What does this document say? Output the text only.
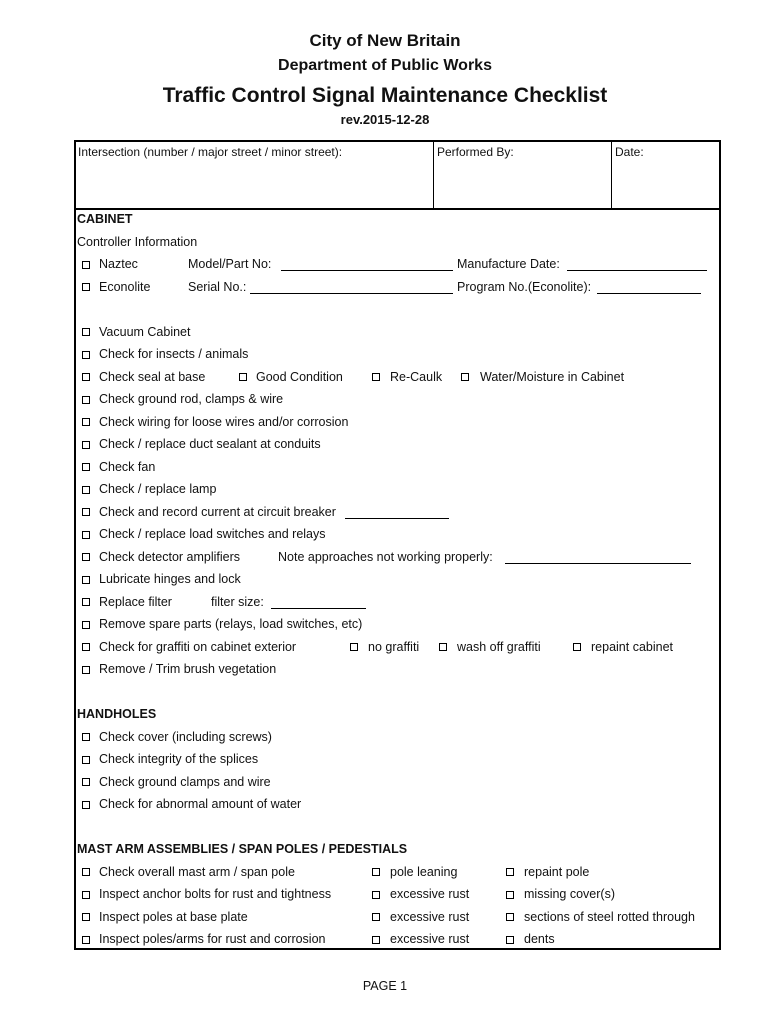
City of New Britain
Department of Public Works
Traffic Control Signal Maintenance Checklist
rev.2015-12-28
Intersection (number / major street / minor street):	Performed By:	Date:
CABINET
Controller Information
Naztec	Model/Part No:	Manufacture Date:
Econolite	Serial No.:	Program No.(Econolite):
Vacuum Cabinet
Check for insects / animals
Check seal at base	Good Condition	Re-Caulk	Water/Moisture in Cabinet
Check ground rod, clamps & wire
Check wiring for loose wires and/or corrosion
Check / replace duct sealant at conduits
Check fan
Check / replace lamp
Check and record current at circuit breaker
Check / replace load switches and relays
Check detector amplifiers	Note approaches not working properly:
Lubricate hinges and lock
Replace filter	filter size:
Remove spare parts (relays, load switches, etc)
Check for graffiti on cabinet exterior	no graffiti	wash off graffiti	repaint cabinet
Remove / Trim brush vegetation
HANDHOLES
Check cover (including screws)
Check integrity of the splices
Check ground clamps and wire
Check for abnormal amount of water
MAST ARM ASSEMBLIES / SPAN POLES / PEDESTIALS
Check overall mast arm / span pole	pole leaning	repaint pole
Inspect anchor bolts for rust and tightness	excessive rust	missing cover(s)
Inspect poles at base plate	excessive rust	sections of steel rotted through
Inspect poles/arms for rust and corrosion	excessive rust	dents
PAGE 1
